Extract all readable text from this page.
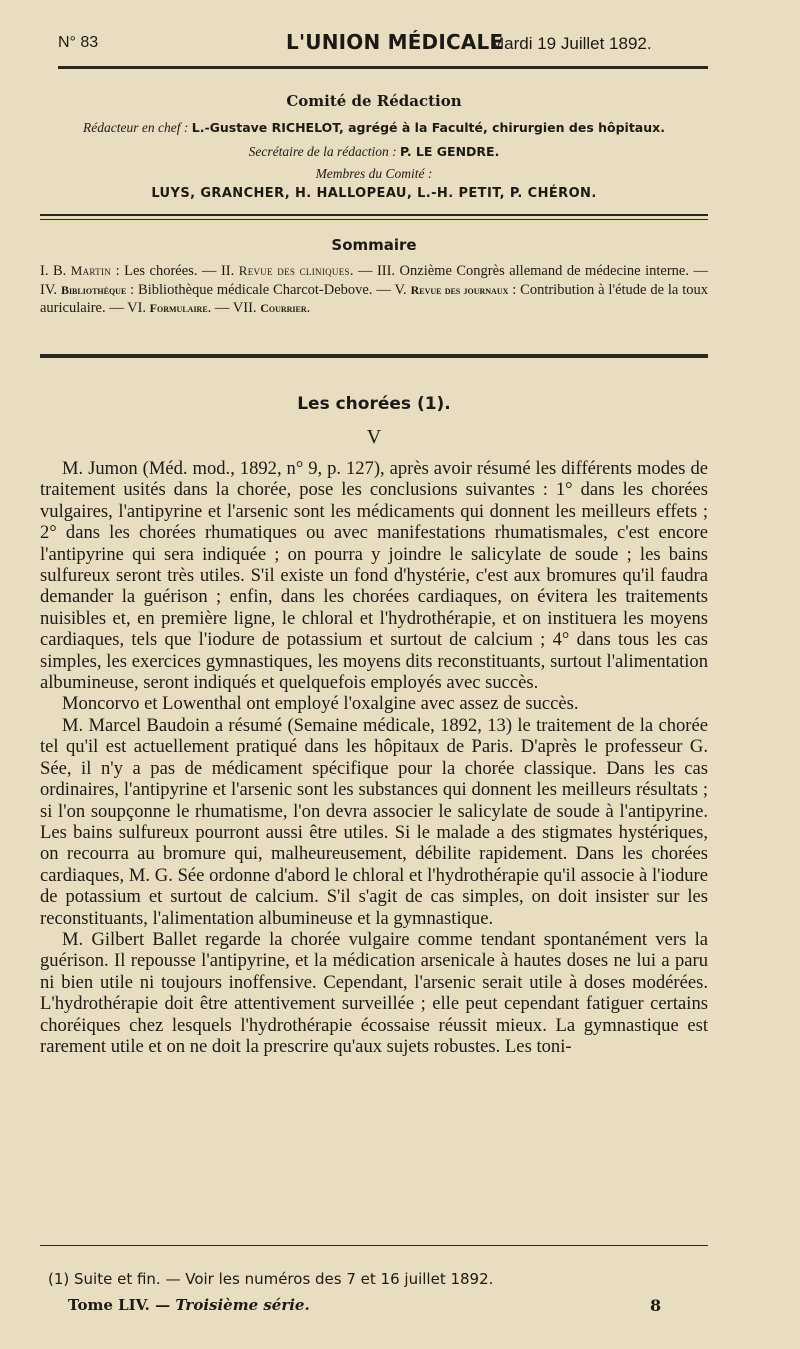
N° 83	L'UNION MÉDICALE
Mardi 19 Juillet 1892.
Comité de Rédaction
Rédacteur en chef : L.-Gustave RICHELOT, agrégé à la Faculté, chirurgien des hôpitaux.
Secrétaire de la rédaction : P. LE GENDRE.
Membres du Comité :
LUYS, GRANCHER, H. HALLOPEAU, L.-H. PETIT, P. CHÉRON.
Sommaire
I. B. Martin : Les chorées. — II. Revue des cliniques. — III. Onzième Congrès allemand de médecine interne. — IV. Bibliothèque : Bibliothèque médicale Charcot-Debove. — V. Revue des journaux : Contribution à l'étude de la toux auriculaire. — VI. Formulaire. — VII. Courrier.
Les chorées (1).
V

M. Jumon (Méd. mod., 1892, n° 9, p. 127), après avoir résumé les différents modes de traitement usités dans la chorée, pose les conclusions suivantes : 1° dans les chorées vulgaires, l'antipyrine et l'arsenic sont les médicaments qui donnent les meilleurs effets ; 2° dans les chorées rhumatiques ou avec manifestations rhumatismales, c'est encore l'antipyrine qui sera indiquée ; on pourra y joindre le salicylate de soude ; les bains sulfureux seront très utiles. S'il existe un fond d'hystérie, c'est aux bromures qu'il faudra demander la guérison ; enfin, dans les chorées cardiaques, on évitera les traitements nuisibles et, en première ligne, le chloral et l'hydrothérapie, et on instituera les moyens cardiaques, tels que l'iodure de potassium et surtout de calcium ; 4° dans tous les cas simples, les exercices gymnastiques, les moyens dits reconstituants, surtout l'alimentation albumineuse, seront indiqués et quelquefois employés avec succès.

Moncorvo et Lowenthal ont employé l'oxalgine avec assez de succès.

M. Marcel Baudoin a résumé (Semaine médicale, 1892, 13) le traitement de la chorée tel qu'il est actuellement pratiqué dans les hôpitaux de Paris. D'après le professeur G. Sée, il n'y a pas de médicament spécifique pour la chorée classique. Dans les cas ordinaires, l'antipyrine et l'arsenic sont les substances qui donnent les meilleurs résultats ; si l'on soupçonne le rhumatisme, l'on devra associer le salicylate de soude à l'antipyrine. Les bains sulfureux pourront aussi être utiles. Si le malade a des stigmates hystériques, on recourra au bromure qui, malheureusement, débilite rapidement. Dans les chorées cardiaques, M. G. Sée ordonne d'abord le chloral et l'hydrothérapie qu'il associe à l'iodure de potassium et surtout de calcium. S'il s'agit de cas simples, on doit insister sur les reconstituants, l'alimentation albumineuse et la gymnastique.

M. Gilbert Ballet regarde la chorée vulgaire comme tendant spontanément vers la guérison. Il repousse l'antipyrine, et la médication arsenicale à hautes doses ne lui a paru ni bien utile ni toujours inoffensive. Cependant, l'arsenic serait utile à doses modérées. L'hydrothérapie doit être attentivement surveillée ; elle peut cependant fatiguer certains choréiques chez lesquels l'hydrothérapie écossaise réussit mieux. La gymnastique est rarement utile et on ne doit la prescrire qu'aux sujets robustes. Les toni-

(1) Suite et fin. — Voir les numéros des 7 et 16 juillet 1892.
Tome LIV. — Troisième série.	8
